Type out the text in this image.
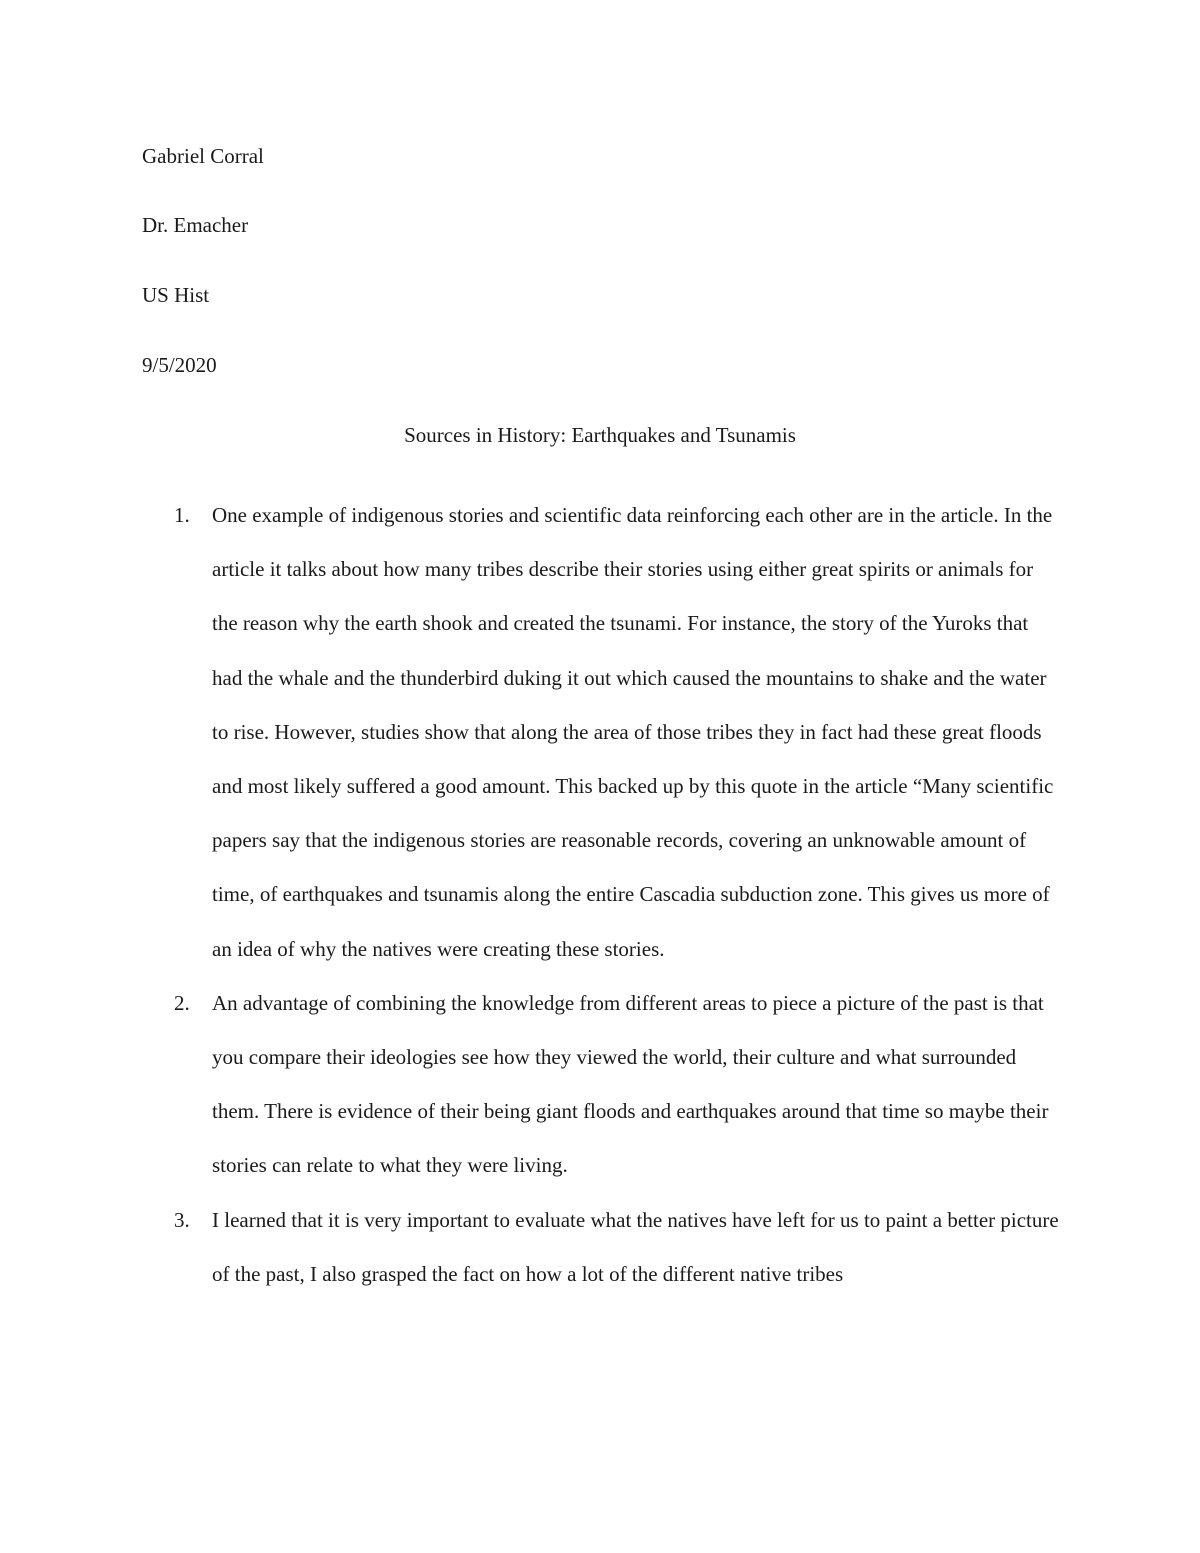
Gabriel Corral
Dr. Emacher
US Hist
9/5/2020
Sources in History: Earthquakes and Tsunamis
1. One example of indigenous stories and scientific data reinforcing each other are in the article. In the article it talks about how many tribes describe their stories using either great spirits or animals for the reason why the earth shook and created the tsunami. For instance, the story of the Yuroks that had the whale and the thunderbird duking it out which caused the mountains to shake and the water to rise. However, studies show that along the area of those tribes they in fact had these great floods and most likely suffered a good amount. This backed up by this quote in the article “Many scientific papers say that the indigenous stories are reasonable records, covering an unknowable amount of time, of earthquakes and tsunamis along the entire Cascadia subduction zone. This gives us more of an idea of why the natives were creating these stories.
2. An advantage of combining the knowledge from different areas to piece a picture of the past is that you compare their ideologies see how they viewed the world, their culture and what surrounded them. There is evidence of their being giant floods and earthquakes around that time so maybe their stories can relate to what they were living.
3. I learned that it is very important to evaluate what the natives have left for us to paint a better picture of the past, I also grasped the fact on how a lot of the different native tribes
